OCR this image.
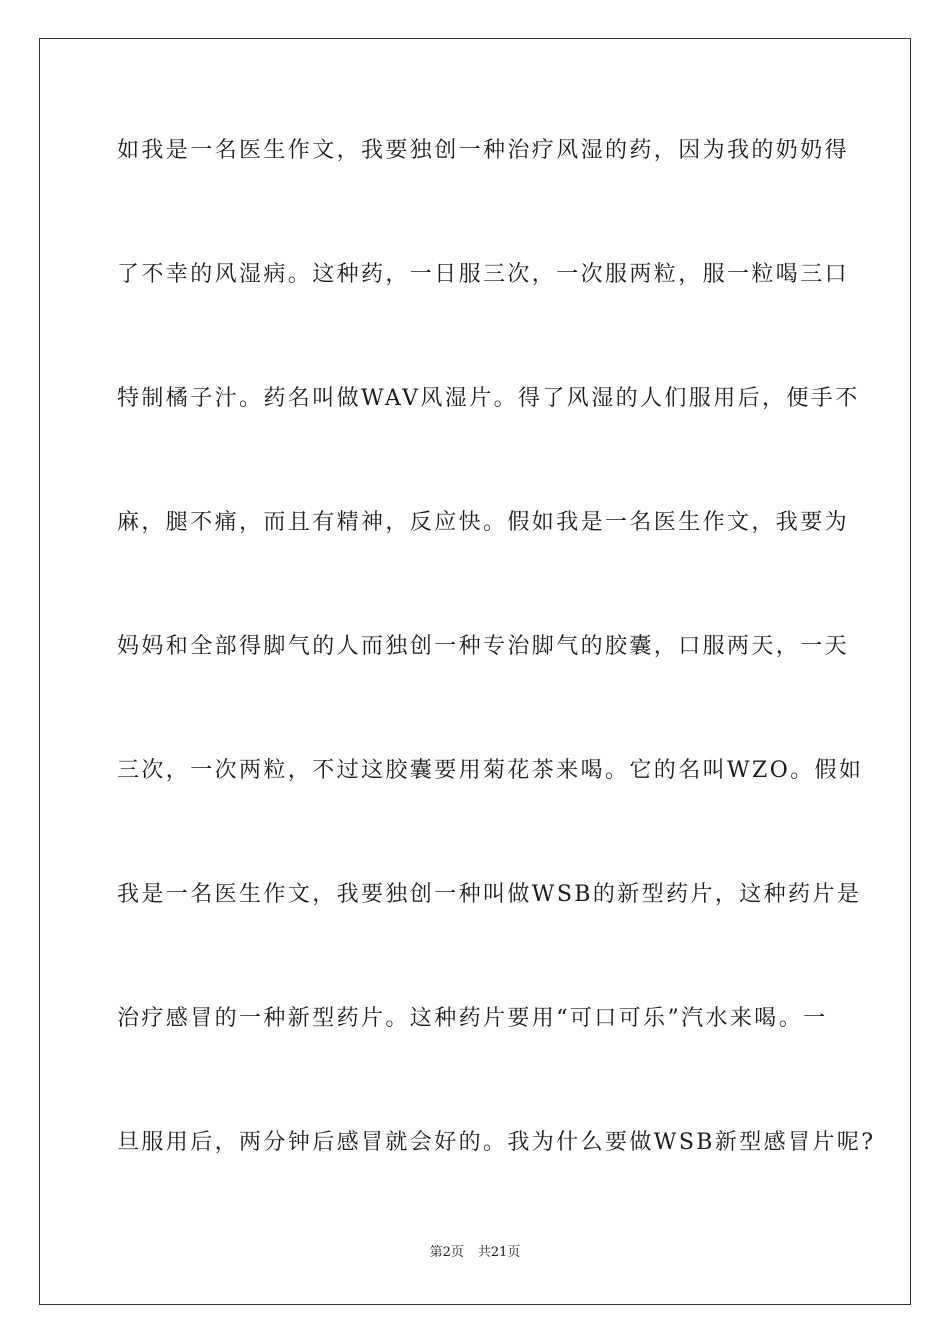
如我是一名医生作文，我要独创一种治疗风湿的药，因为我的奶奶得
了不幸的风湿病。这种药，一日服三次，一次服两粒，服一粒喝三口
特制橘子汁。药名叫做WAV风湿片。得了风湿的人们服用后，便手不
麻，腿不痛，而且有精神，反应快。假如我是一名医生作文，我要为
妈妈和全部得脚气的人而独创一种专治脚气的胶囊，口服两天，一天
三次，一次两粒，不过这胶囊要用菊花茶来喝。它的名叫WZO。假如
我是一名医生作文，我要独创一种叫做WSB的新型药片，这种药片是
治疗感冒的一种新型药片。这种药片要用“可口可乐”汽水来喝。一
旦服用后，两分钟后感冒就会好的。我为什么要做WSB新型感冒片呢?
第2页 共21页
